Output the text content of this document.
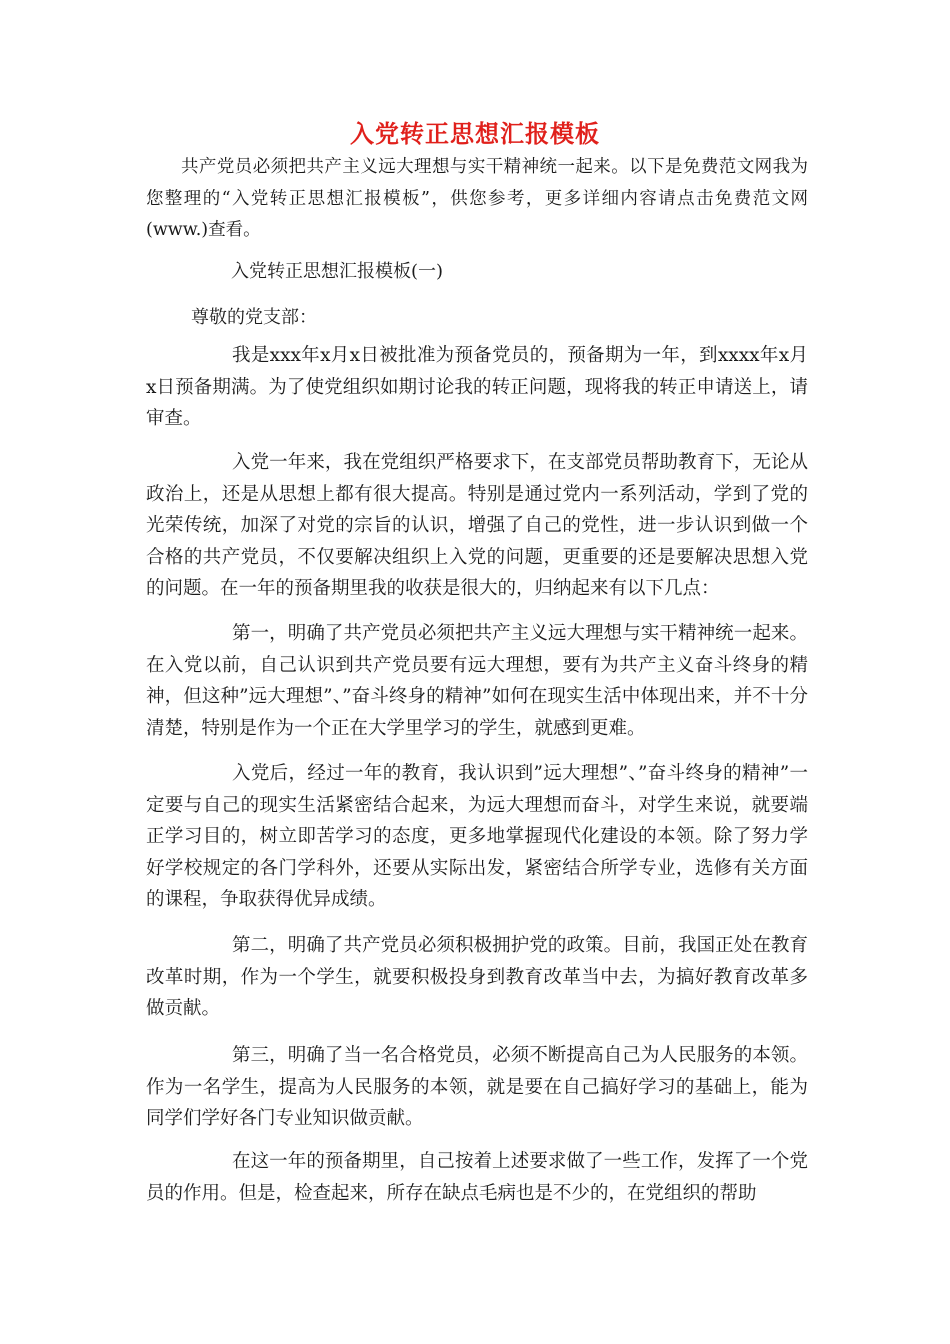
入党转正思想汇报模板

共产党员必须把共产主义远大理想与实干精神统一起来。以下是免费范文网我为您整理的“入党转正思想汇报模板”，供您参考，更多详细内容请点击免费范文网(www.)查看。

入党转正思想汇报模板(一)
尊敬的党支部：

我是xxx年x月x日被批准为预备党员的，预备期为一年，到xxxx年x月x日预备期满。为了使党组织如期讨论我的转正问题，现将我的转正申请送上，请审查。

入党一年来，我在党组织严格要求下，在支部党员帮助教育下，无论从政治上，还是从思想上都有很大提高。特别是通过党内一系列活动，学到了党的光荣传统，加深了对党的宗旨的认识，增强了自己的党性，进一步认识到做一个合格的共产党员，不仅要解决组织上入党的问题，更重要的还是要解决思想入党的问题。在一年的预备期里我的收获是很大的，归纳起来有以下几点：

第一，明确了共产党员必须把共产主义远大理想与实干精神统一起来。在入党以前，自己认识到共产党员要有远大理想，要有为共产主义奋斗终身的精神，但这种”远大理想”、”奋斗终身的精神”如何在现实生活中体现出来，并不十分清楚，特别是作为一个正在大学里学习的学生，就感到更难。

入党后，经过一年的教育，我认识到”远大理想”、”奋斗终身的精神”一定要与自己的现实生活紧密结合起来，为远大理想而奋斗，对学生来说，就要端正学习目的，树立即苦学习的态度，更多地掌握现代化建设的本领。除了努力学好学校规定的各门学科外，还要从实际出发，紧密结合所学专业，选修有关方面的课程，争取获得优异成绩。

第二，明确了共产党员必须积极拥护党的政策。目前，我国正处在教育改革时期，作为一个学生，就要积极投身到教育改革当中去，为搞好教育改革多做贡献。

第三，明确了当一名合格党员，必须不断提高自己为人民服务的本领。作为一名学生，提高为人民服务的本领，就是要在自己搞好学习的基础上，能为同学们学好各门专业知识做贡献。

在这一年的预备期里，自己按着上述要求做了一些工作，发挥了一个党员的作用。但是，检查起来，所存在缺点毛病也是不少的，在党组织的帮助
